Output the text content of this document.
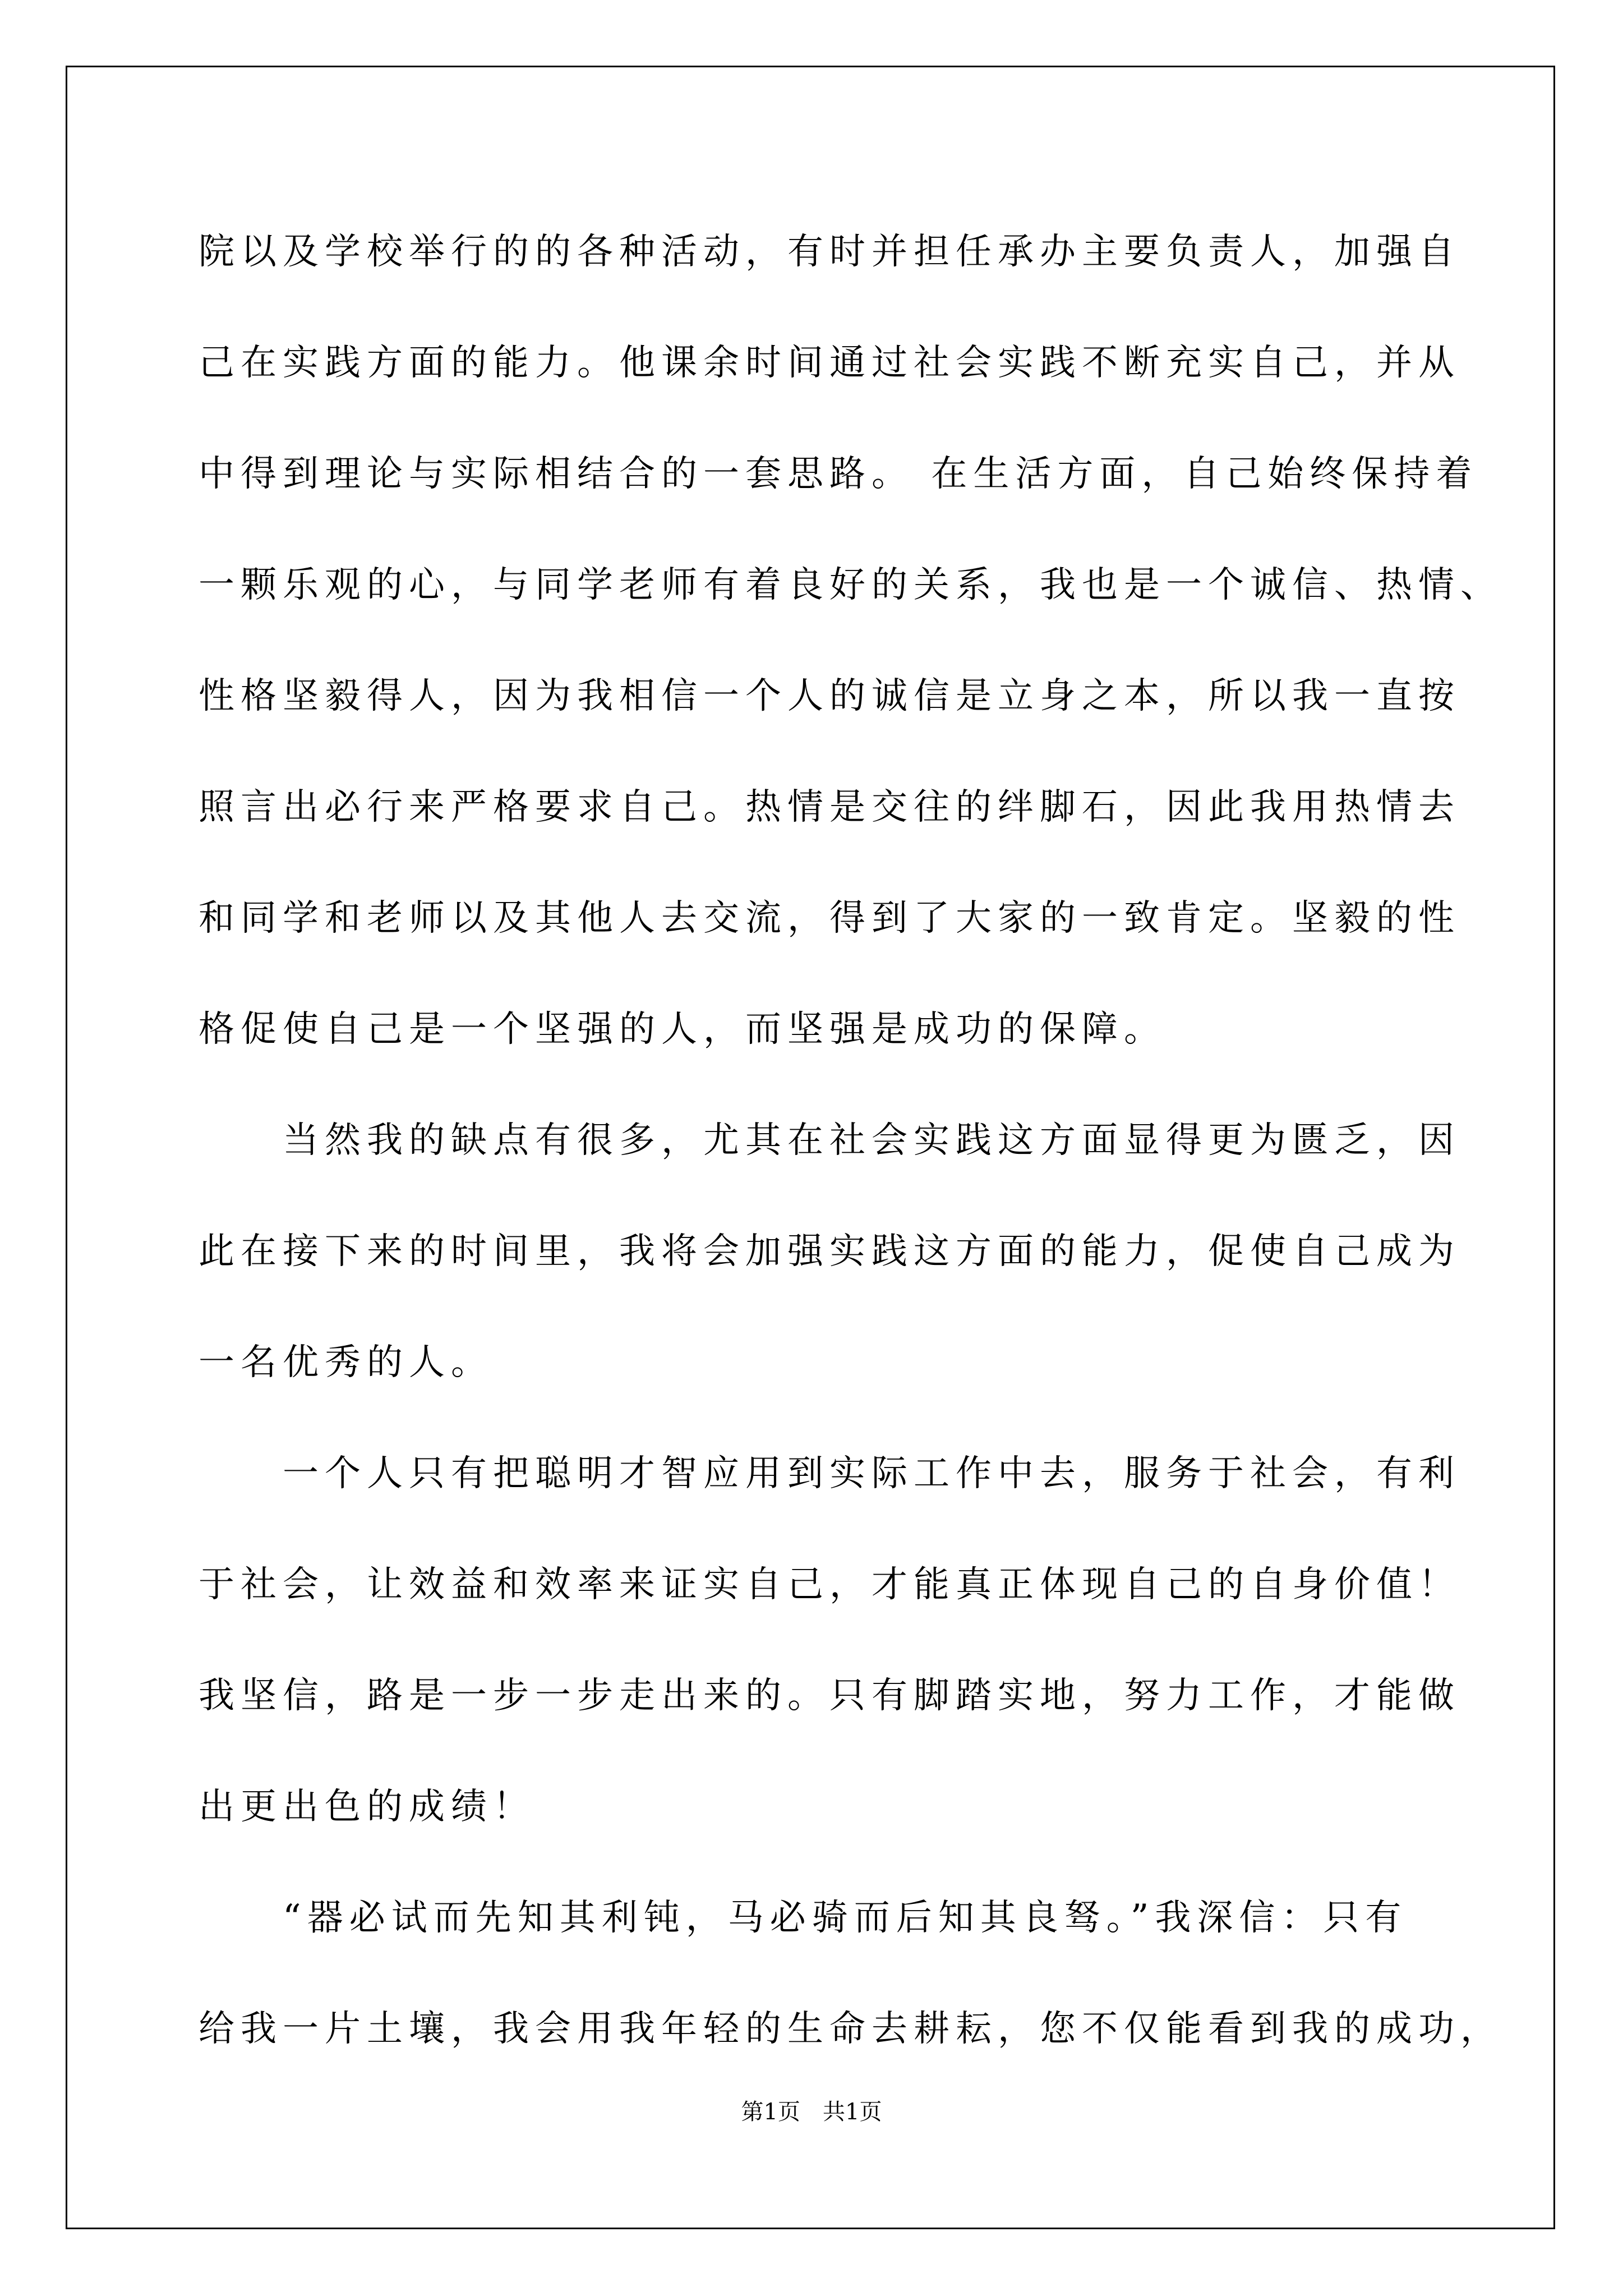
院以及学校举行的的各种活动，有时并担任承办主要负责人，加强自
己在实践方面的能力。他课余时间通过社会实践不断充实自己，并从
中得到理论与实际相结合的一套思路。 在生活方面，自己始终保持着
一颗乐观的心，与同学老师有着良好的关系，我也是一个诚信、热情、
性格坚毅得人，因为我相信一个人的诚信是立身之本，所以我一直按
照言出必行来严格要求自己。热情是交往的绊脚石，因此我用热情去
和同学和老师以及其他人去交流，得到了大家的一致肯定。坚毅的性
格促使自己是一个坚强的人，而坚强是成功的保障。
当然我的缺点有很多，尤其在社会实践这方面显得更为匮乏，因
此在接下来的时间里，我将会加强实践这方面的能力，促使自己成为
一名优秀的人。
一个人只有把聪明才智应用到实际工作中去，服务于社会，有利
于社会，让效益和效率来证实自己，才能真正体现自己的自身价值！
我坚信，路是一步一步走出来的。只有脚踏实地，努力工作，才能做
出更出色的成绩！
“器必试而先知其利钝，马必骑而后知其良驽。”我深信：只有
给我一片土壤，我会用我年轻的生命去耕耘，您不仅能看到我的成功，
第1页　共1页
